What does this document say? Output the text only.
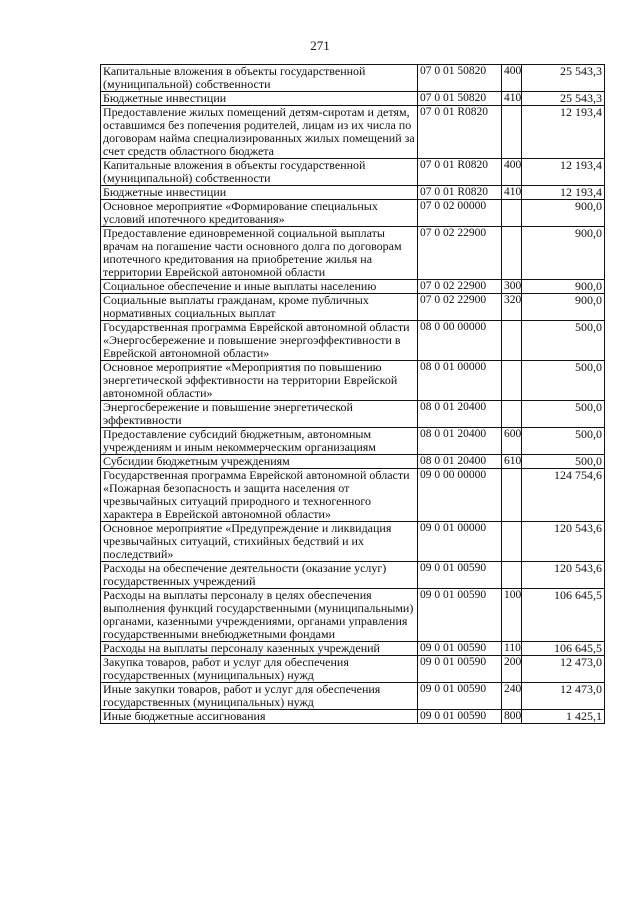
271
Капитальные вложения в объекты государственной (муниципальной) собственности	07 0 01 50820	400	25 543,3
Бюджетные инвестиции	07 0 01 50820	410	25 543,3
Предоставление жилых помещений детям-сиротам и детям, оставшимся без попечения родителей, лицам из их числа по договорам найма специализированных жилых помещений за счет средств областного бюджета	07 0 01 R0820		12 193,4
Капитальные вложения в объекты государственной (муниципальной) собственности	07 0 01 R0820	400	12 193,4
Бюджетные инвестиции	07 0 01 R0820	410	12 193,4
Основное мероприятие «Формирование специальных условий ипотечного кредитования»	07 0 02 00000		900,0
Предоставление единовременной социальной выплаты врачам на погашение части основного долга по договорам ипотечного кредитования на приобретение жилья на территории Еврейской автономной области	07 0 02 22900		900,0
Социальное обеспечение и иные выплаты населению	07 0 02 22900	300	900,0
Социальные выплаты гражданам, кроме публичных нормативных социальных выплат	07 0 02 22900	320	900,0
Государственная программа Еврейской автономной области «Энергосбережение и повышение энергоэффективности в Еврейской автономной области»	08 0 00 00000		500,0
Основное мероприятие «Мероприятия по повышению энергетической эффективности на территории Еврейской автономной области»	08 0 01 00000		500,0
Энергосбережение и повышение энергетической эффективности	08 0 01 20400		500,0
Предоставление субсидий бюджетным, автономным учреждениям и иным некоммерческим организациям	08 0 01 20400	600	500,0
Субсидии бюджетным учреждениям	08 0 01 20400	610	500,0
Государственная программа Еврейской автономной области «Пожарная безопасность и защита населения от чрезвычайных ситуаций природного и техногенного характера в Еврейской автономной области»	09 0 00 00000		124 754,6
Основное мероприятие «Предупреждение и ликвидация чрезвычайных ситуаций, стихийных бедствий и их последствий»	09 0 01 00000		120 543,6
Расходы на обеспечение деятельности (оказание услуг) государственных учреждений	09 0 01 00590		120 543,6
Расходы на выплаты персоналу в целях обеспечения выполнения функций государственными (муниципальными) органами, казенными учреждениями, органами управления государственными внебюджетными фондами	09 0 01 00590	100	106 645,5
Расходы на выплаты персоналу казенных учреждений	09 0 01 00590	110	106 645,5
Закупка товаров, работ и услуг для обеспечения государственных (муниципальных) нужд	09 0 01 00590	200	12 473,0
Иные закупки товаров, работ и услуг для обеспечения государственных (муниципальных) нужд	09 0 01 00590	240	12 473,0
Иные бюджетные ассигнования	09 0 01 00590	800	1 425,1
